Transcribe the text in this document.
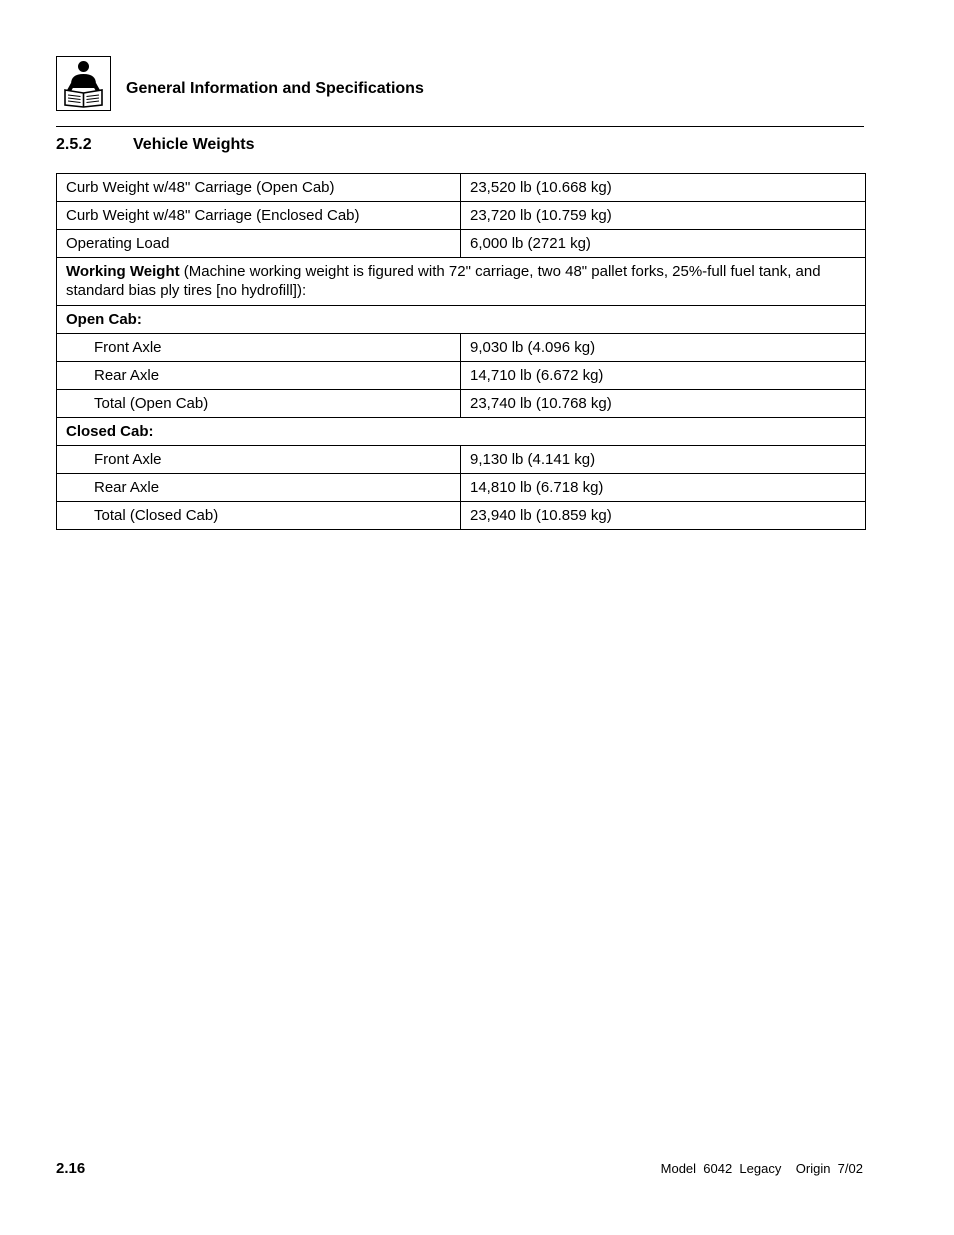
General Information and Specifications
2.5.2	Vehicle Weights
Curb Weight w/48" Carriage (Open Cab)	23,520 lb (10.668 kg)
Curb Weight w/48" Carriage (Enclosed Cab)	23,720 lb (10.759 kg)
Operating Load	6,000 lb (2721 kg)
Working Weight (Machine working weight is figured with 72" carriage, two 48" pallet forks, 25%-full fuel tank, and standard bias ply tires [no hydrofill]):	
Open Cab:	
Front Axle	9,030 lb (4.096 kg)
Rear Axle	14,710 lb (6.672 kg)
Total (Open Cab)	23,740 lb (10.768 kg)
Closed Cab:	
Front Axle	9,130 lb (4.141 kg)
Rear Axle	14,810 lb (6.718 kg)
Total (Closed Cab)	23,940 lb (10.859 kg)
2.16	Model  6042  Legacy    Origin  7/02
